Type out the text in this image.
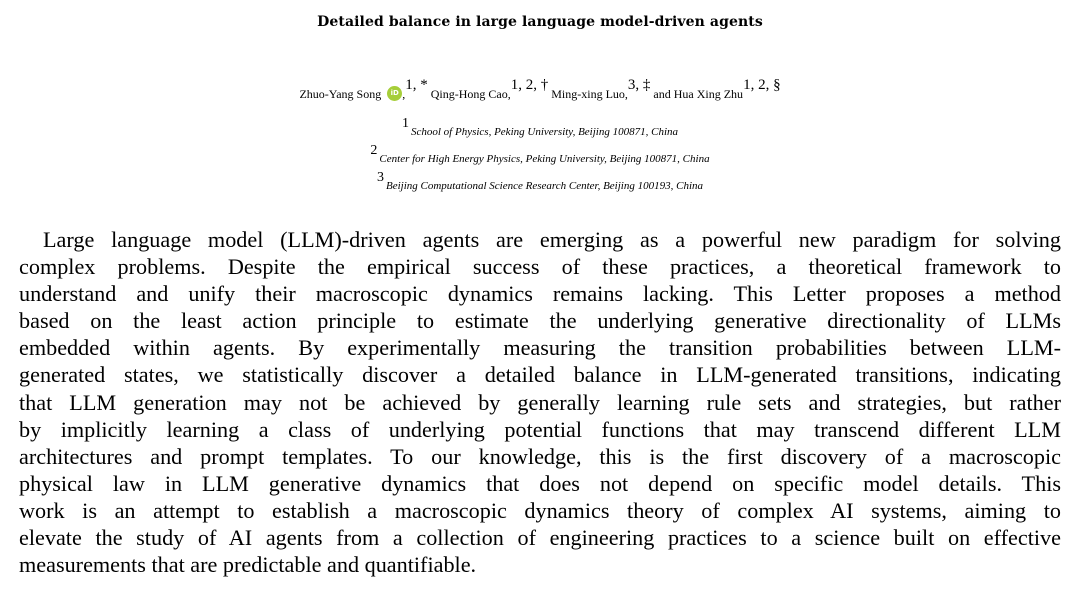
Detailed balance in large language model-driven agents
Zhuo-Yang Song iD ,$^{1, *}$ Qing-Hong Cao,$^{1, 2, \dagger}$ Ming-xing Luo,$^{3, \ddagger}$ and Hua Xing Zhu$^{1, 2, \S}$
$^1$School of Physics, Peking University, Beijing 100871, China
$^2$Center for High Energy Physics, Peking University, Beijing 100871, China
$^3$Beijing Computational Science Research Center, Beijing 100193, China
Large language model (LLM)-driven agents are emerging as a powerful new paradigm for solving
complex problems. Despite the empirical success of these practices, a theoretical framework to
understand and unify their macroscopic dynamics remains lacking. This Letter proposes a method
based on the least action principle to estimate the underlying generative directionality of LLMs
embedded within agents. By experimentally measuring the transition probabilities between LLM-
generated states, we statistically discover a detailed balance in LLM-generated transitions, indicating
that LLM generation may not be achieved by generally learning rule sets and strategies, but rather
by implicitly learning a class of underlying potential functions that may transcend different LLM
architectures and prompt templates. To our knowledge, this is the first discovery of a macroscopic
physical law in LLM generative dynamics that does not depend on specific model details. This
work is an attempt to establish a macroscopic dynamics theory of complex AI systems, aiming to
elevate the study of AI agents from a collection of engineering practices to a science built on effective
measurements that are predictable and quantifiable.
